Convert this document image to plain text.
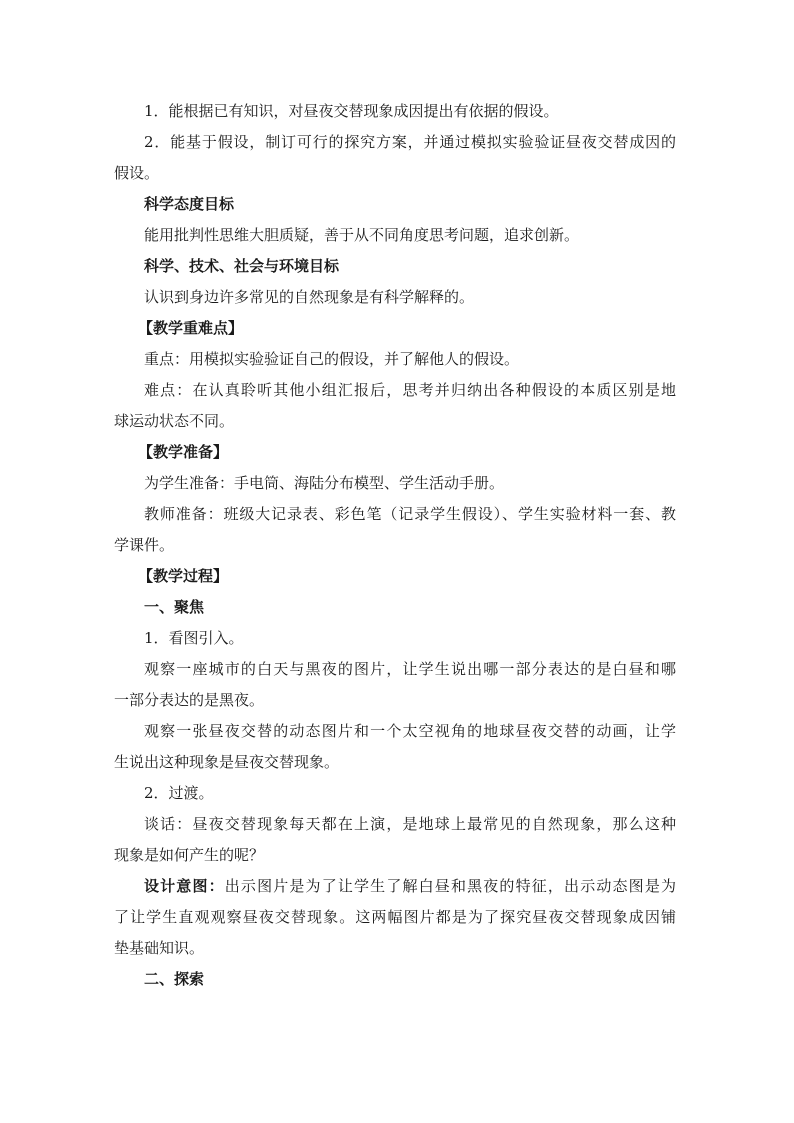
1．能根据已有知识，对昼夜交替现象成因提出有依据的假设。

2．能基于假设，制订可行的探究方案，并通过模拟实验验证昼夜交替成因的

假设。

科学态度目标

能用批判性思维大胆质疑，善于从不同角度思考问题，追求创新。

科学、技术、社会与环境目标

认识到身边许多常见的自然现象是有科学解释的。

【教学重难点】

重点：用模拟实验验证自己的假设，并了解他人的假设。

难点：在认真聆听其他小组汇报后，思考并归纳出各种假设的本质区别是地

球运动状态不同。

【教学准备】

为学生准备：手电筒、海陆分布模型、学生活动手册。

教师准备：班级大记录表、彩色笔（记录学生假设）、学生实验材料一套、教

学课件。

【教学过程】

一、聚焦

1．看图引入。

观察一座城市的白天与黑夜的图片，让学生说出哪一部分表达的是白昼和哪

一部分表达的是黑夜。

观察一张昼夜交替的动态图片和一个太空视角的地球昼夜交替的动画，让学

生说出这种现象是昼夜交替现象。

2．过渡。

谈话：昼夜交替现象每天都在上演，是地球上最常见的自然现象，那么这种

现象是如何产生的呢？

设计意图：出示图片是为了让学生了解白昼和黑夜的特征，出示动态图是为

了让学生直观观察昼夜交替现象。这两幅图片都是为了探究昼夜交替现象成因铺

垫基础知识。

二、探索
